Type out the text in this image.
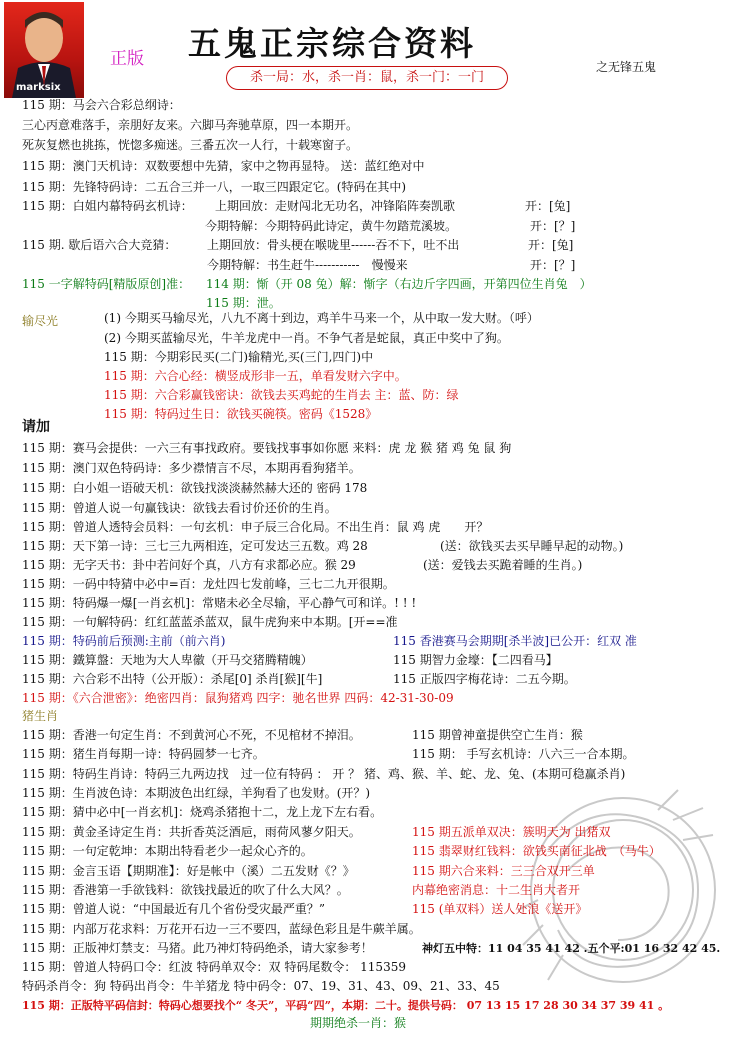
marksix
正版 五鬼正宗综合资料
之无锋五鬼
杀一局：水，杀一肖：鼠，杀一门：一门
115 期：马会六合彩总纲诗：
三心丙意难落手，亲朋好友来。六脚马奔驰草原，四一本期开。
死灰复燃也挑拣，恍惚多痴迷。三番五次一人行，十载寒窗子。
115 期：澳门天机诗：双数要想中先猜，家中之物再显特。 送：蓝红绝对中
115 期：先锋特码诗：二五合三并一八，一取三四跟定它。(特码在其中)
115 期：白姐内幕特码玄机诗： 上期回放：走财闯北无功名，冲锋陷阵奏凯歌	开：[兔]
今期特解：今期特码此诗定，黄牛勿踏荒溪坡。	开：[？]
115 期. 歇后语六合大竞猜：	上期回放：骨头梗在喉咙里------吞不下，吐不出	开：[兔]
今期特解：书生赶牛-----------　慢慢来	开：[？]
115 一字解特码[精版原创]准： 114 期：惭（开 08 兔）解：惭字（右边斤字四画，开第四位生肖兔　）
115 期：泄。
输尽光	(1) 今期买马输尽光，八九不离十到边，鸡羊牛马来一个，从中取一发大财。（呼）
(2) 今期买蓝输尽光，牛羊龙虎中一肖。不争气者是蛇鼠，真正中奖中了狗。
115 期：今期彩民买(二门)输精光,买(三门,四门)中
115 期：六合心经：横竖成形非一五，单看发财六字中。
115 期：六合彩赢钱密诀：欲钱去买鸡蛇的生肖去 主：蓝、防：绿
115 期：特码过生日：欲钱买碗筷。密码《1528》
请加
115 期：赛马会提供：一六三有事找政府。要钱找事事如你愿 来料：虎 龙 猴 猪 鸡 兔 鼠 狗
115 期：澳门双色特码诗：多少襟情言不尽，本期再看狗猪羊。
115 期：白小姐一语破天机：欲钱找淡淡赫然赫大还的 密码 178
115 期：曾道人说一句赢钱诀：欲钱去看讨价还价的生肖。
115 期：曾道人透特会员料：一句玄机：申子辰三合化局。不出生肖：鼠 鸡 虎　　开？
115 期：天下第一诗：三七三九两相连，定可发达三五数。鸡 28	(送：欲钱买去买早睡早起的动物。)
115 期：无字天书：卦中若问好个真，八方有求都必应。猴 29	(送：爱钱去买跪着睡的生肖。)
115 期：一码中特猜中必中=百：龙灶四七发前峰，三七二九开很期。
115 期：特码爆一爆[一肖玄机]：常赌未必全尽输，平心静气可和详。! ! !
115 期：一句解特码：红红蓝蓝杀蓝双，鼠牛虎狗来中本期。[开==准
115 期：特码前后预测:主前（前六肖)	115 香港赛马会期期[杀半波]已公开：红双 准
115 期：鐵算盤：天地为大人卑徽（开马交猪腾精魄）	115 期智力金壕：【二四看马】
115 期：六合彩不出特（公开版）：杀尾[0] 杀肖[猴][牛]	115 正版四字梅花诗：二五今期。
115 期：《六合泄密》：绝密四肖：鼠狗猪鸡 四字：驰名世界 四码：42-31-30-09
猪生肖
115 期：香港一句定生肖：不到黄河心不死，不见棺材不掉泪。	115 期曾神童提供空亡生肖：猴
115 期：猪生肖每期一诗：特码圆梦一七齐。	115 期： 手写玄机诗：八六三一合本期。
115 期：特码生肖诗：特码三九两边找　过一位有特码 ： 开 ？ 猪、鸡、猴、羊、蛇、龙、兔、(本期可稳赢杀肖)
115 期：生肖波色诗：本期波色出红绿，羊狗看了也发财。(开？)
115 期：猜中必中[一肖玄机]：烧鸡杀猪抱十二，龙上龙下左右看。
115 期：黄金圣诗定生肖：共折香英泛酒巵，雨荷风蓼夕阳天。	115 期五派单双决：簇明天为 出猪双
115 期：一句定乾坤：本期出特看老少一起众心齐的。	115 翡翠财红钱料：欲钱买南征北战　（马牛）
115 期：金言玉语【期期准】：好是帐中（溪）二五发财《？》	115 期六合来料：三三合双开三单
115 期：香港第一手欲钱料：欲钱找最近的吹了什么大风？。	内幕绝密消息：十二生肖大者开
115 期：曾道人说：“中国最近有几个省份受灾最严重？”	115 (单双料）送人处浪《送开》
115 期：内部万花求料：万花开石边一三不要四，蓝绿色彩且是牛蕨羊属。
115 期：正版神灯禁支：马猪。此乃神灯特码绝杀，请大家参考！	神灯五中特：11 04 35 41 42 .五个平:01 16 32 42 45.
115 期：曾道人特码口令：红波 特码单双令：双 特码尾数令： 115359
特码杀肖令：狗 特码出肖令：牛羊猪龙 特中码令：07、19、31、43、09、21、33、45
115 期：正版特平码信封：特码心想要找个“ 冬天”，平码“四”，本期：二十。提供号码： 07 13 15 17 28 30 34 37 39 41 。
期期绝杀一肖：猴
